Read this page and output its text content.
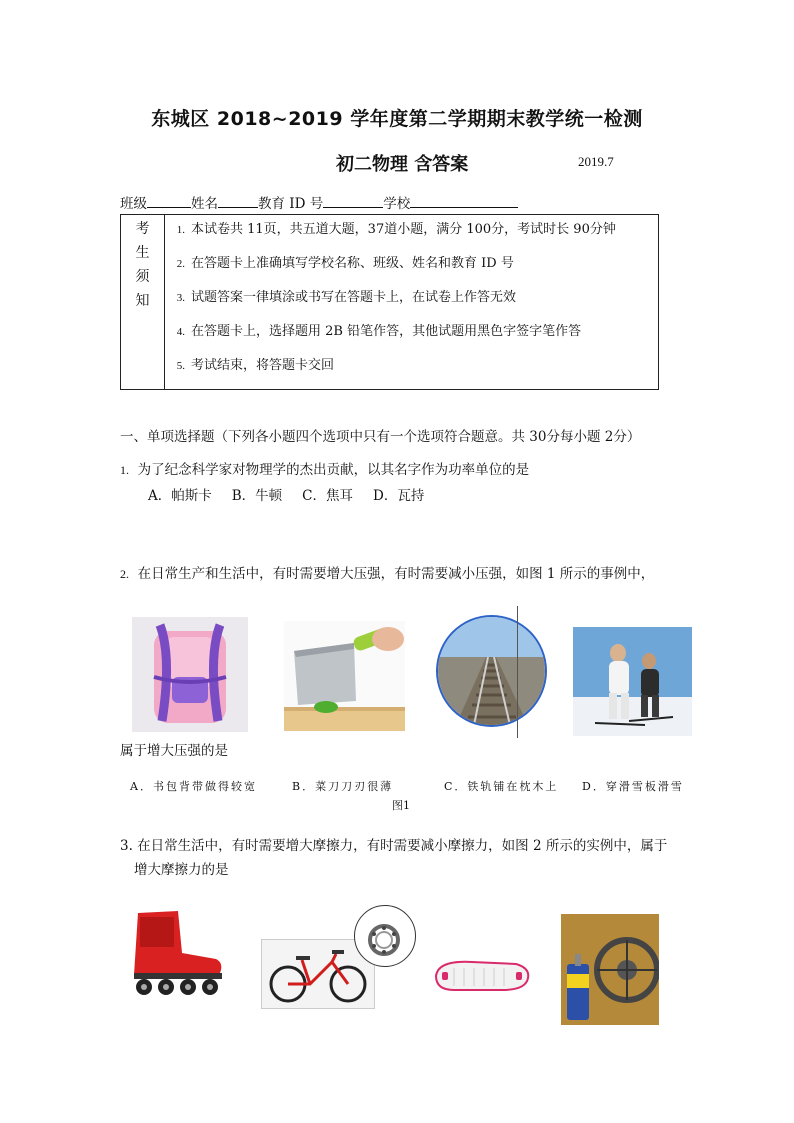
东城区 2018~2019 学年度第二学期期末教学统一检测
初二物理 含答案	2019.7
班级	姓名	教育 ID 号	学校
考
生
须
知

1. 本试卷共 11页，共五道大题，37道小题，满分 100分，考试时长 90分钟
2. 在答题卡上准确填写学校名称、班级、姓名和教育 ID 号
3. 试题答案一律填涂或书写在答题卡上，在试卷上作答无效
4. 在答题卡上，选择题用 2B 铅笔作答，其他试题用黑色字签字笔作答
5. 考试结束，将答题卡交回
一、单项选择题（下列各小题四个选项中只有一个选项符合题意。共 30分每小题 2分）
1. 为了纪念科学家对物理学的杰出贡献，以其名字作为功率单位的是
A．帕斯卡 B．牛顿 C．焦耳 D．瓦持
2. 在日常生产和生活中，有时需要增大压强，有时需要减小压强，如图 1 所示的事例中，
属于增大压强的是
A．书包背带做得较宽	B．菜刀刀刃很薄	C．铁轨铺在枕木上 D．穿滑雪板滑雪
图1
3. 在日常生活中，有时需要增大摩擦力，有时需要减小摩擦力，如图 2 所示的实例中，属于
增大摩擦力的是
